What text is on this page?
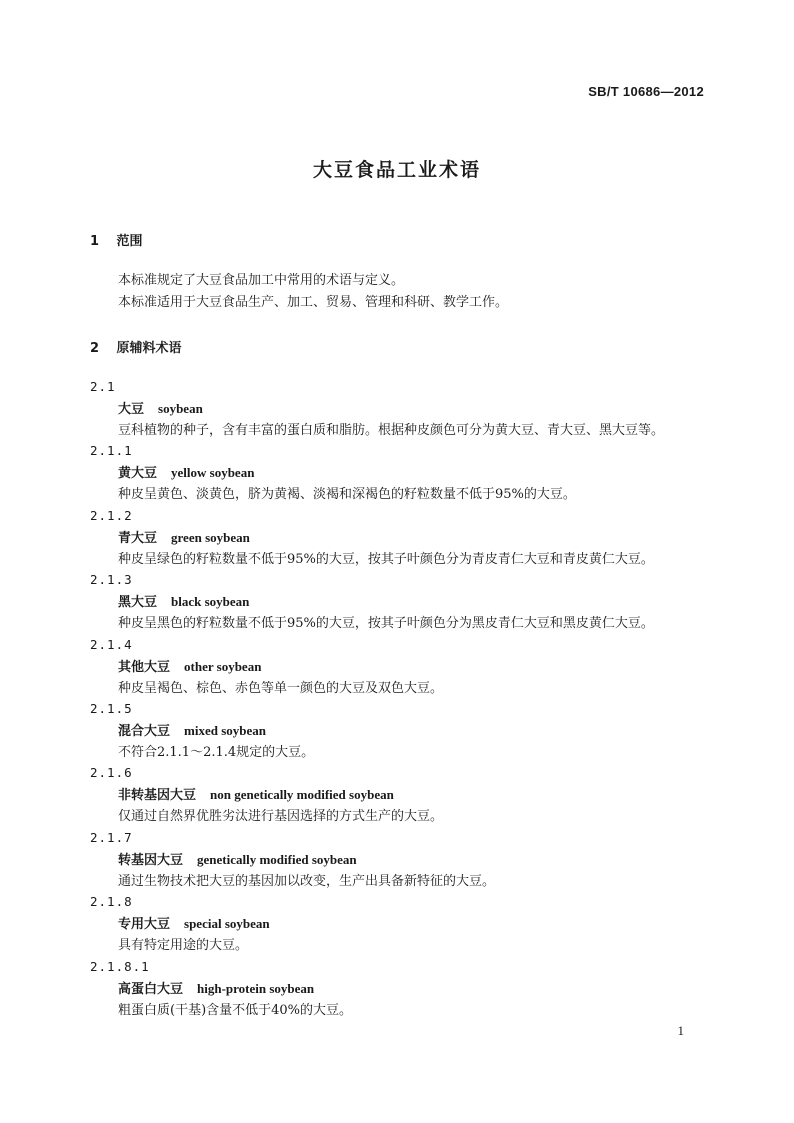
SB/T 10686—2012
大豆食品工业术语
1 范围
本标准规定了大豆食品加工中常用的术语与定义。
本标准适用于大豆食品生产、加工、贸易、管理和科研、教学工作。
2 原辅料术语
2.1
大豆 soybean
豆科植物的种子，含有丰富的蛋白质和脂肪。根据种皮颜色可分为黄大豆、青大豆、黑大豆等。
2.1.1
黄大豆 yellow soybean
种皮呈黄色、淡黄色，脐为黄褐、淡褐和深褐色的籽粒数量不低于95%的大豆。
2.1.2
青大豆 green soybean
种皮呈绿色的籽粒数量不低于95%的大豆，按其子叶颜色分为青皮青仁大豆和青皮黄仁大豆。
2.1.3
黑大豆 black soybean
种皮呈黑色的籽粒数量不低于95%的大豆，按其子叶颜色分为黑皮青仁大豆和黑皮黄仁大豆。
2.1.4
其他大豆 other soybean
种皮呈褐色、棕色、赤色等单一颜色的大豆及双色大豆。
2.1.5
混合大豆 mixed soybean
不符合2.1.1～2.1.4规定的大豆。
2.1.6
非转基因大豆 non genetically modified soybean
仅通过自然界优胜劣汰进行基因选择的方式生产的大豆。
2.1.7
转基因大豆 genetically modified soybean
通过生物技术把大豆的基因加以改变，生产出具备新特征的大豆。
2.1.8
专用大豆 special soybean
具有特定用途的大豆。
2.1.8.1
高蛋白大豆 high-protein soybean
粗蛋白质(干基)含量不低于40%的大豆。
1
